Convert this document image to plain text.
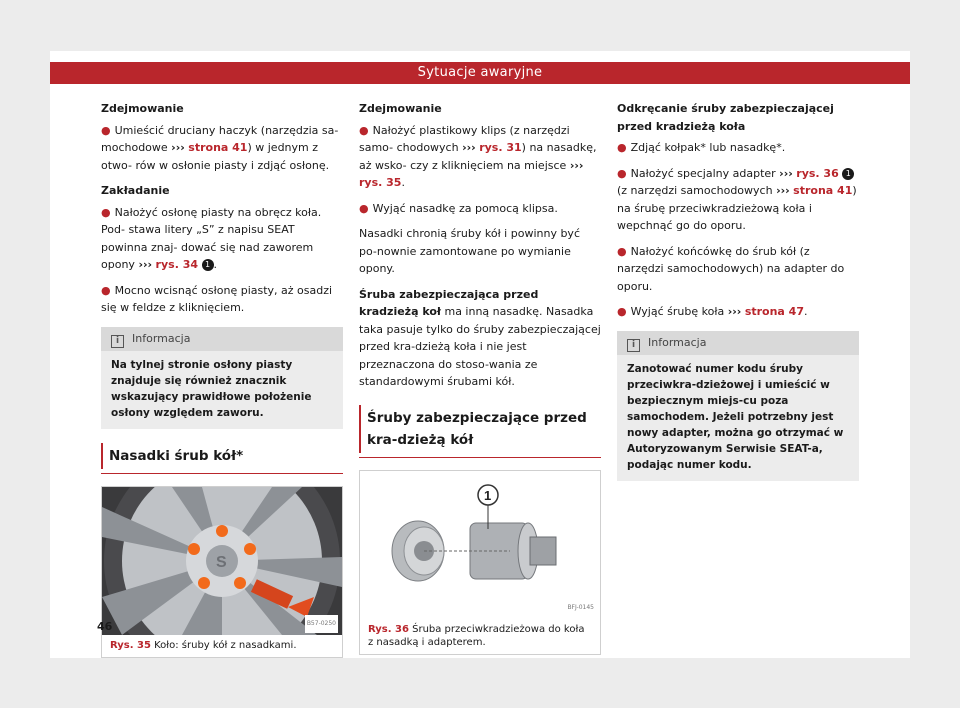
Sytuacje awaryjne
Zdejmowanie
● Umieścić druciany haczyk (narzędzia sa- mochodowe ››› strona 41) w jednym z otwo- rów w osłonie piasty i zdjąć osłonę.
Zakładanie
● Nałożyć osłonę piasty na obręcz koła. Pod- stawa litery „S” z napisu SEAT powinna znaj- dować się nad zaworem opony ››› rys. 34 1 .
● Mocno wcisnąć osłonę piasty, aż osadzi się w feldze z kliknięciem.
i Informacja
Na tylnej stronie osłony piasty znajduje się również znacznik wskazujący prawidłowe położenie osłony względem zaworu.
Nasadki śrub kół*
S
B57-0250
Rys. 35 Koło: śruby kół z nasadkami.
Zdejmowanie
● Nałożyć plastikowy klips (z narzędzi samo- chodowych ››› rys. 31) na nasadkę, aż wsko- czy z kliknięciem na miejsce ››› rys. 35.
● Wyjąć nasadkę za pomocą klipsa.
Nasadki chronią śruby kół i powinny być po-nownie zamontowane po wymianie opony.
Śruba zabezpieczająca przed kradzieżą koł ma inną nasadkę. Nasadka taka pasuje tylko do śruby zabezpieczającej przed kra-dzieżą koła i nie jest przeznaczona do stoso-wania ze standardowymi śrubami kół.
Śruby zabezpieczające przed kra-dzieżą kół
1
BFJ-0145
Rys. 36 Śruba przeciwkradzieżowa do koła z nasadką i adapterem.
Odkręcanie śruby zabezpieczającej przed kradzieżą koła
● Zdjąć kołpak* lub nasadkę*.
● Nałożyć specjalny adapter ››› rys. 36 1 (z narzędzi samochodowych ››› strona 41) na śrubę przeciwkradzieżową koła i wepchnąć go do oporu.
● Nałożyć końcówkę do śrub kół (z narzędzi samochodowych) na adapter do oporu.
● Wyjąć śrubę koła ››› strona 47.
i Informacja
Zanotować numer kodu śruby przeciwkra-dzieżowej i umieścić w bezpiecznym miejs-cu poza samochodem. Jeżeli potrzebny jest nowy adapter, można go otrzymać w Autoryzowanym Serwisie SEAT-a, podając numer kodu.
46
